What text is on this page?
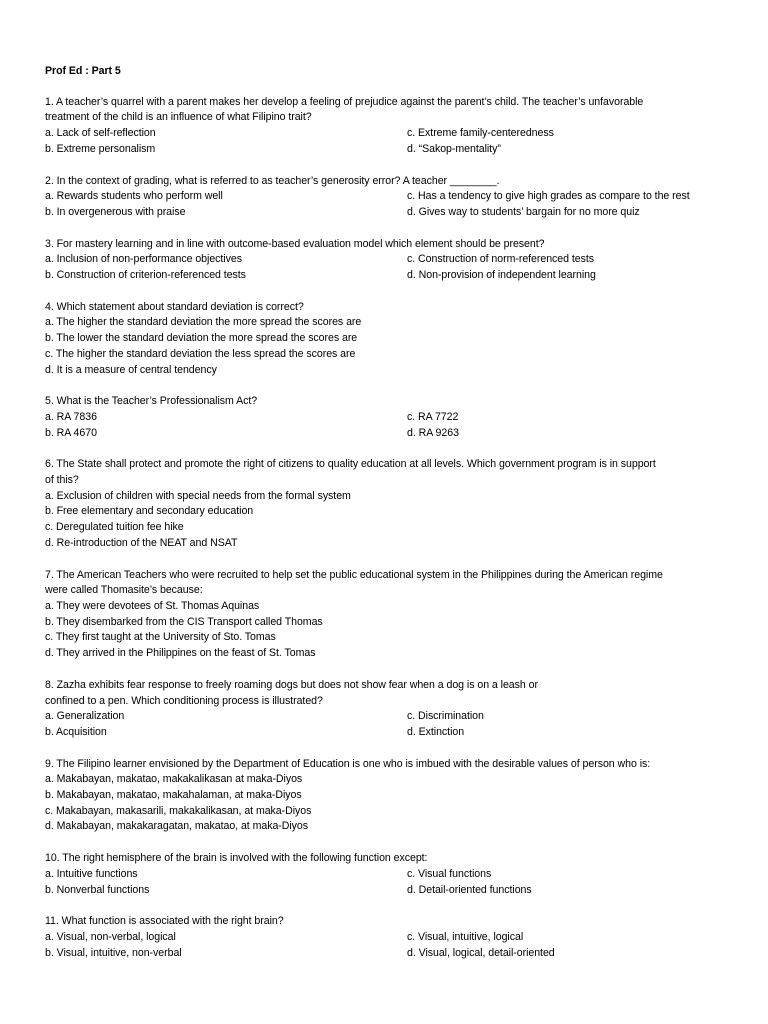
Prof Ed : Part 5
1. A teacher’s quarrel with a parent makes her develop a feeling of prejudice against the parent’s child. The teacher’s unfavorable
treatment of the child is an influence of what Filipino trait?
a. Lack of self-reflection	c. Extreme family-centeredness
b. Extreme personalism	d. “Sakop-mentality”
2. In the context of grading, what is referred to as teacher’s generosity error? A teacher ________.
a. Rewards students who perform well	c. Has a tendency to give high grades as compare to the rest
b. In overgenerous with praise	d. Gives way to students’ bargain for no more quiz
3. For mastery learning and in line with outcome-based evaluation model which element should be present?
a. Inclusion of non-performance objectives	c. Construction of norm-referenced tests
b. Construction of criterion-referenced tests	d. Non-provision of independent learning
4. Which statement about standard deviation is correct?
a. The higher the standard deviation the more spread the scores are
b. The lower the standard deviation the more spread the scores are
c. The higher the standard deviation the less spread the scores are
d. It is a measure of central tendency
5. What is the Teacher’s Professionalism Act?
a. RA 7836	c. RA 7722
b. RA 4670	d. RA 9263
6. The State shall protect and promote the right of citizens to quality education at all levels. Which government program is in support
of this?
a. Exclusion of children with special needs from the formal system
b. Free elementary and secondary education
c. Deregulated tuition fee hike
d. Re-introduction of the NEAT and NSAT
7. The American Teachers who were recruited to help set the public educational system in the Philippines during the American regime
were called Thomasite’s because:
a. They were devotees of St. Thomas Aquinas
b. They disembarked from the CIS Transport called Thomas
c. They first taught at the University of Sto. Tomas
d. They arrived in the Philippines on the feast of St. Tomas
8. Zazha exhibits fear response to freely roaming dogs but does not show fear when a dog is on a leash or
confined to a pen. Which conditioning process is illustrated?
a. Generalization	c. Discrimination
b. Acquisition	d. Extinction
9. The Filipino learner envisioned by the Department of Education is one who is imbued with the desirable values of person who is:
a. Makabayan, makatao, makakalikasan at maka-Diyos
b. Makabayan, makatao, makahalaman, at maka-Diyos
c. Makabayan, makasarili, makakalikasan, at maka-Diyos
d. Makabayan, makakaragatan, makatao, at maka-Diyos
10. The right hemisphere of the brain is involved with the following function except:
a. Intuitive functions	c. Visual functions
b. Nonverbal functions	d. Detail-oriented functions
11. What function is associated with the right brain?
a. Visual, non-verbal, logical	c. Visual, intuitive, logical
b. Visual, intuitive, non-verbal	d. Visual, logical, detail-oriented
